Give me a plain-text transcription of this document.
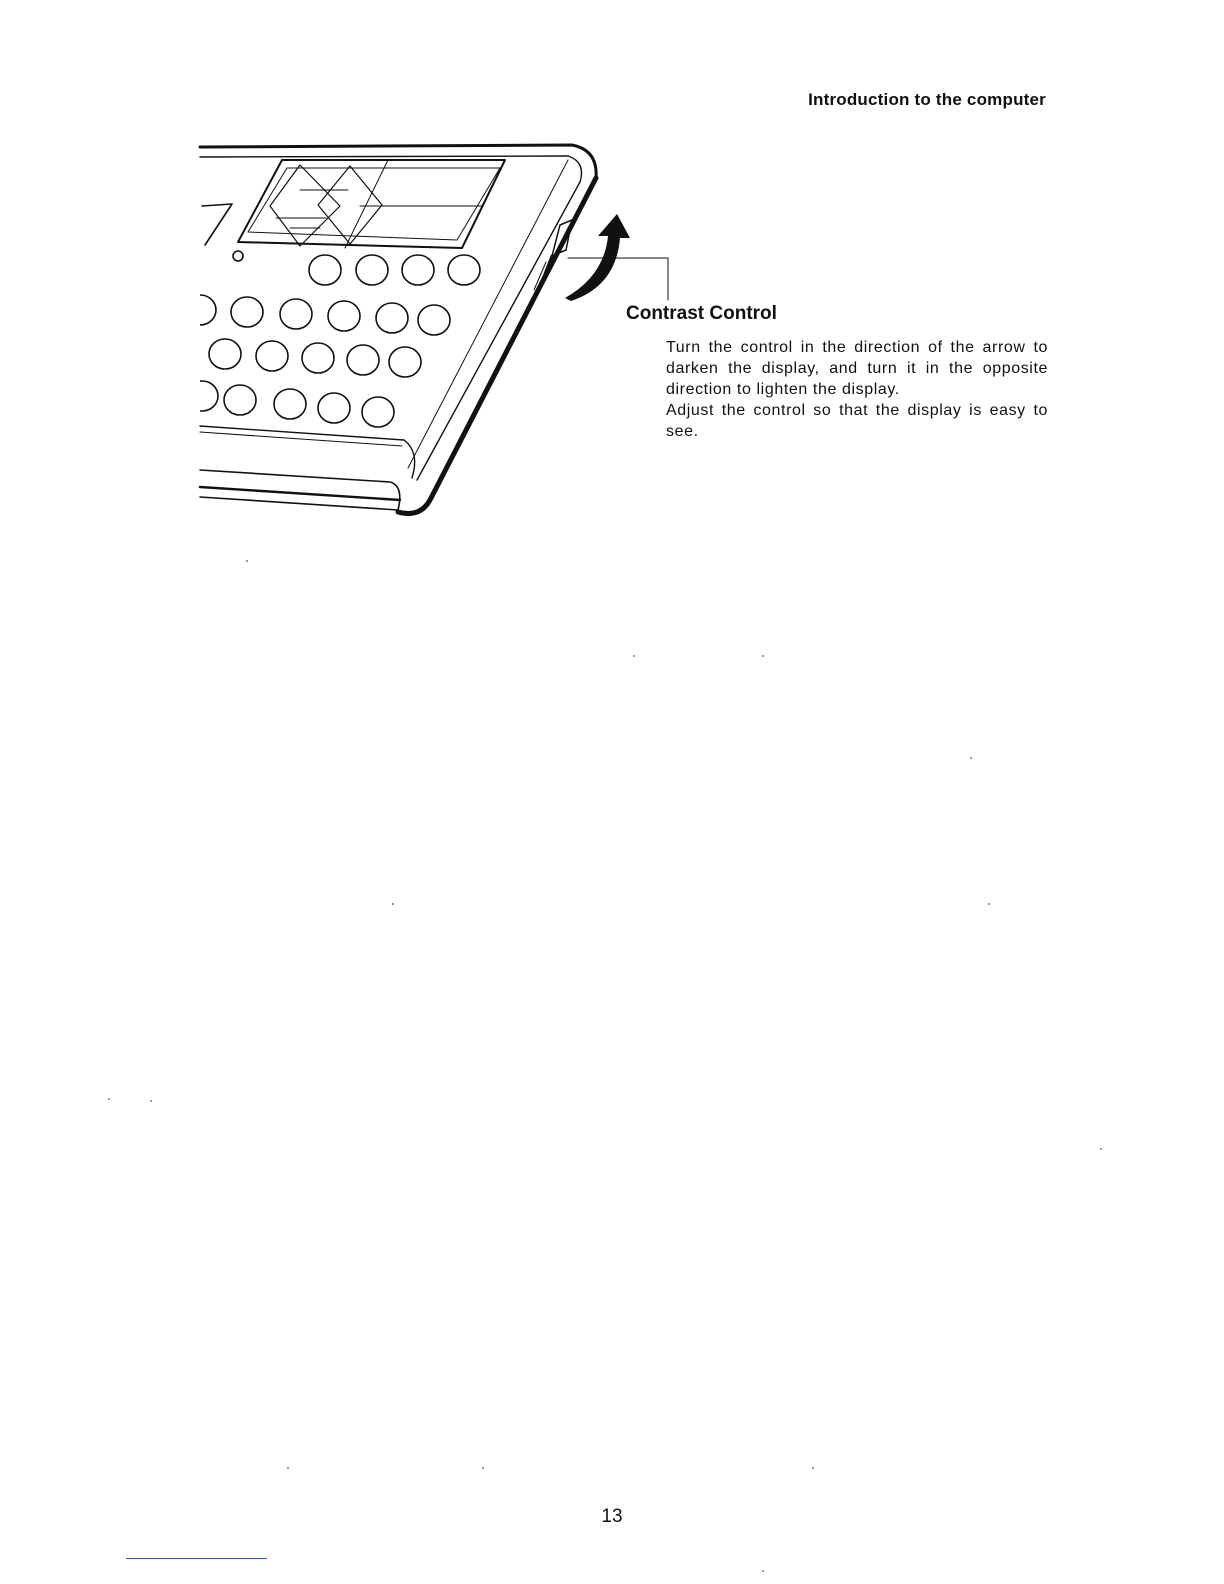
Introduction to the computer
Contrast Control

Turn the control in the direction of the arrow to darken the display, and turn it in the opposite direction to lighten the display.

Adjust the control so that the display is easy to see.

13
